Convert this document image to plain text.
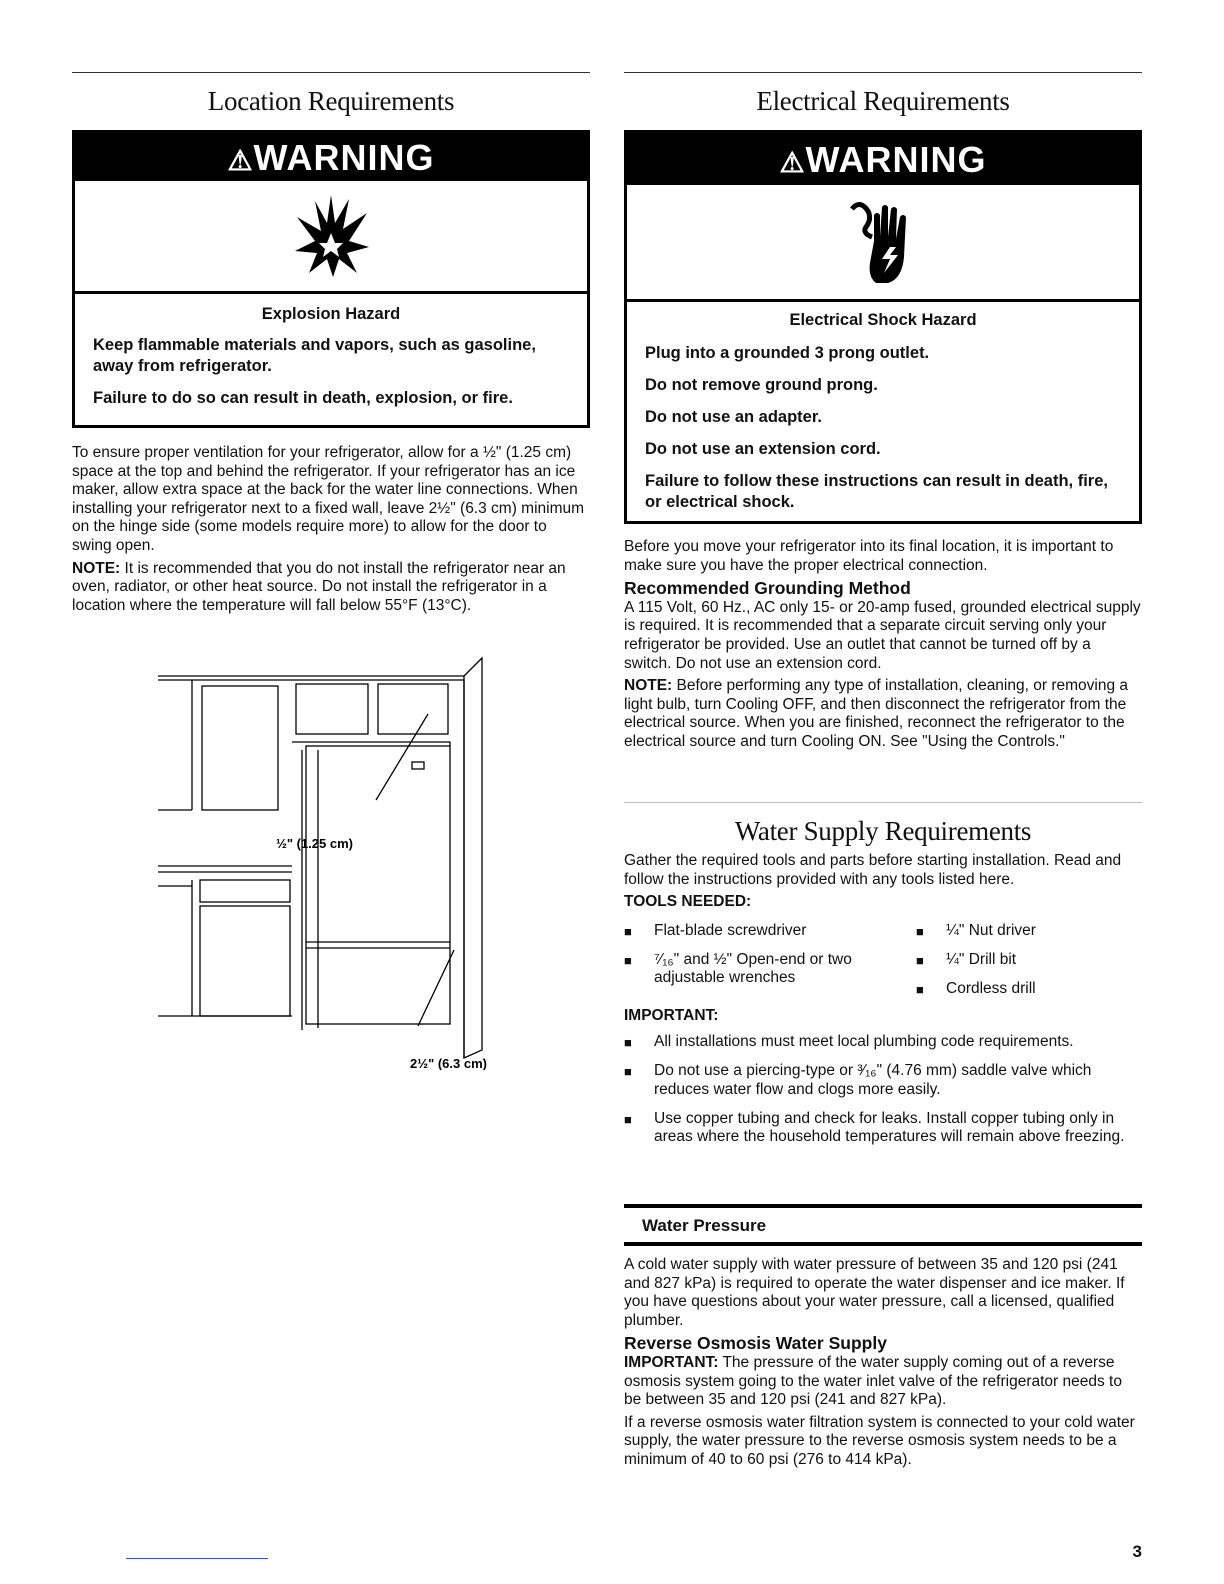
Location Requirements
⚠WARNING
Explosion Hazard

Keep flammable materials and vapors, such as gasoline, away from refrigerator.

Failure to do so can result in death, explosion, or fire.

To ensure proper ventilation for your refrigerator, allow for a ½" (1.25 cm) space at the top and behind the refrigerator. If your refrigerator has an ice maker, allow extra space at the back for the water line connections. When installing your refrigerator next to a fixed wall, leave 2½" (6.3 cm) minimum on the hinge side (some models require more) to allow for the door to swing open.

NOTE: It is recommended that you do not install the refrigerator near an oven, radiator, or other heat source. Do not install the refrigerator in a location where the temperature will fall below 55°F (13°C).

½" (1.25 cm)
2½" (6.3 cm)
Electrical Requirements
⚠WARNING
Electrical Shock Hazard

Plug into a grounded 3 prong outlet.

Do not remove ground prong.

Do not use an adapter.

Do not use an extension cord.

Failure to follow these instructions can result in death, fire, or electrical shock.

Before you move your refrigerator into its final location, it is important to make sure you have the proper electrical connection.

Recommended Grounding Method

A 115 Volt, 60 Hz., AC only 15- or 20-amp fused, grounded electrical supply is required. It is recommended that a separate circuit serving only your refrigerator be provided. Use an outlet that cannot be turned off by a switch. Do not use an extension cord.

NOTE: Before performing any type of installation, cleaning, or removing a light bulb, turn Cooling OFF, and then disconnect the refrigerator from the electrical source. When you are finished, reconnect the refrigerator to the electrical source and turn Cooling ON. See "Using the Controls."

Water Supply Requirements

Gather the required tools and parts before starting installation. Read and follow the instructions provided with any tools listed here.

TOOLS NEEDED:
■	Flat-blade screwdriver
■	⁷⁄₁₆" and ½" Open-end or two adjustable wrenches
■	¼" Nut driver
■	¼" Drill bit
■	Cordless drill
IMPORTANT:
■	All installations must meet local plumbing code requirements.
■	Do not use a piercing-type or ³⁄₁₆" (4.76 mm) saddle valve which reduces water flow and clogs more easily.
■	Use copper tubing and check for leaks. Install copper tubing only in areas where the household temperatures will remain above freezing.
Water Pressure

A cold water supply with water pressure of between 35 and 120 psi (241 and 827 kPa) is required to operate the water dispenser and ice maker. If you have questions about your water pressure, call a licensed, qualified plumber.

Reverse Osmosis Water Supply

IMPORTANT: The pressure of the water supply coming out of a reverse osmosis system going to the water inlet valve of the refrigerator needs to be between 35 and 120 psi (241 and 827 kPa).

If a reverse osmosis water filtration system is connected to your cold water supply, the water pressure to the reverse osmosis system needs to be a minimum of 40 to 60 psi (276 to 414 kPa).

3
